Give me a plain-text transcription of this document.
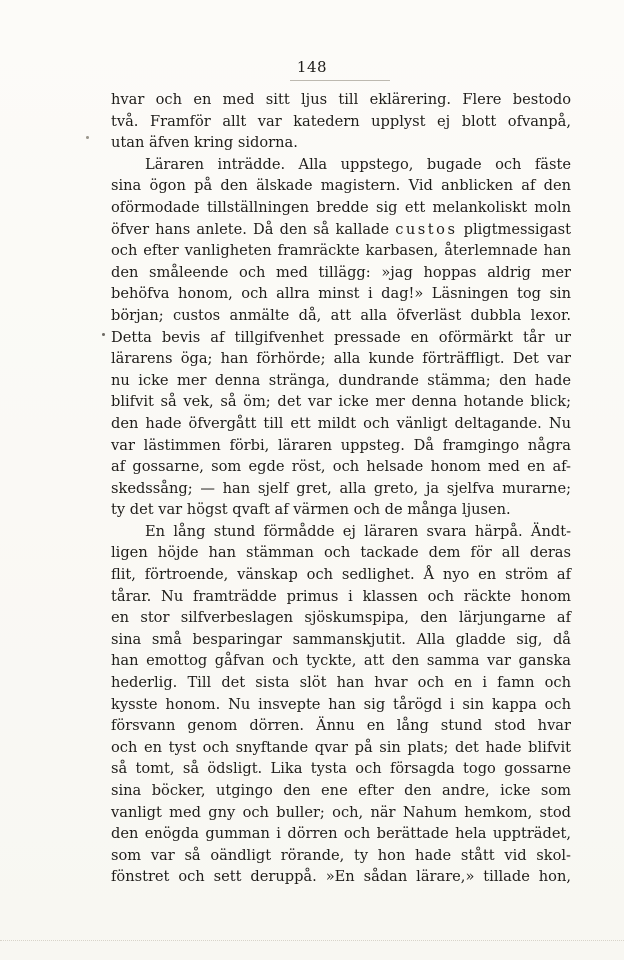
148
hvar och en med sitt ljus till eklärering. Flere bestodo
två. Framför allt var katedern upplyst ej blott ofvanpå,
utan äfven kring sidorna.
Läraren inträdde. Alla uppstego, bugade och fäste
sina ögon på den älskade magistern. Vid anblicken af den
oförmodade tillställningen bredde sig ett melankoliskt moln
öfver hans anlete. Då den så kallade custos pligtmessigast
och efter vanligheten framräckte karbasen, återlemnade han
den småleende och med tillägg: »jag hoppas aldrig mer
behöfva honom, och allra minst i dag!» Läsningen tog sin
början; custos anmälte då, att alla öfverläst dubbla lexor.
Detta bevis af tillgifvenhet pressade en oförmärkt tår ur
lärarens öga; han förhörde; alla kunde förträffligt. Det var
nu icke mer denna stränga, dundrande stämma; den hade
blifvit så vek, så öm; det var icke mer denna hotande blick;
den hade öfvergått till ett mildt och vänligt deltagande. Nu
var lästimmen förbi, läraren uppsteg. Då framgingo några
af gossarne, som egde röst, och helsade honom med en af-
skedssång; — han sjelf gret, alla greto, ja sjelfva murarne;
ty det var högst qvaft af värmen och de många ljusen.
En lång stund förmådde ej läraren svara härpå. Ändt-
ligen höjde han stämman och tackade dem för all deras
flit, förtroende, vänskap och sedlighet. Å nyo en ström af
tårar. Nu framträdde primus i klassen och räckte honom
en stor silfverbeslagen sjöskumspipa, den lärjungarne af
sina små besparingar sammanskjutit. Alla gladde sig, då
han emottog gåfvan och tyckte, att den samma var ganska
hederlig. Till det sista slöt han hvar och en i famn och
kysste honom. Nu insvepte han sig tårögd i sin kappa och
försvann genom dörren. Ännu en lång stund stod hvar
och en tyst och snyftande qvar på sin plats; det hade blifvit
så tomt, så ödsligt. Lika tysta och försagda togo gossarne
sina böcker, utgingo den ene efter den andre, icke som
vanligt med gny och buller; och, när Nahum hemkom, stod
den enögda gumman i dörren och berättade hela uppträdet,
som var så oändligt rörande, ty hon hade stått vid skol-
fönstret och sett deruppå. »En sådan lärare,» tillade hon,
